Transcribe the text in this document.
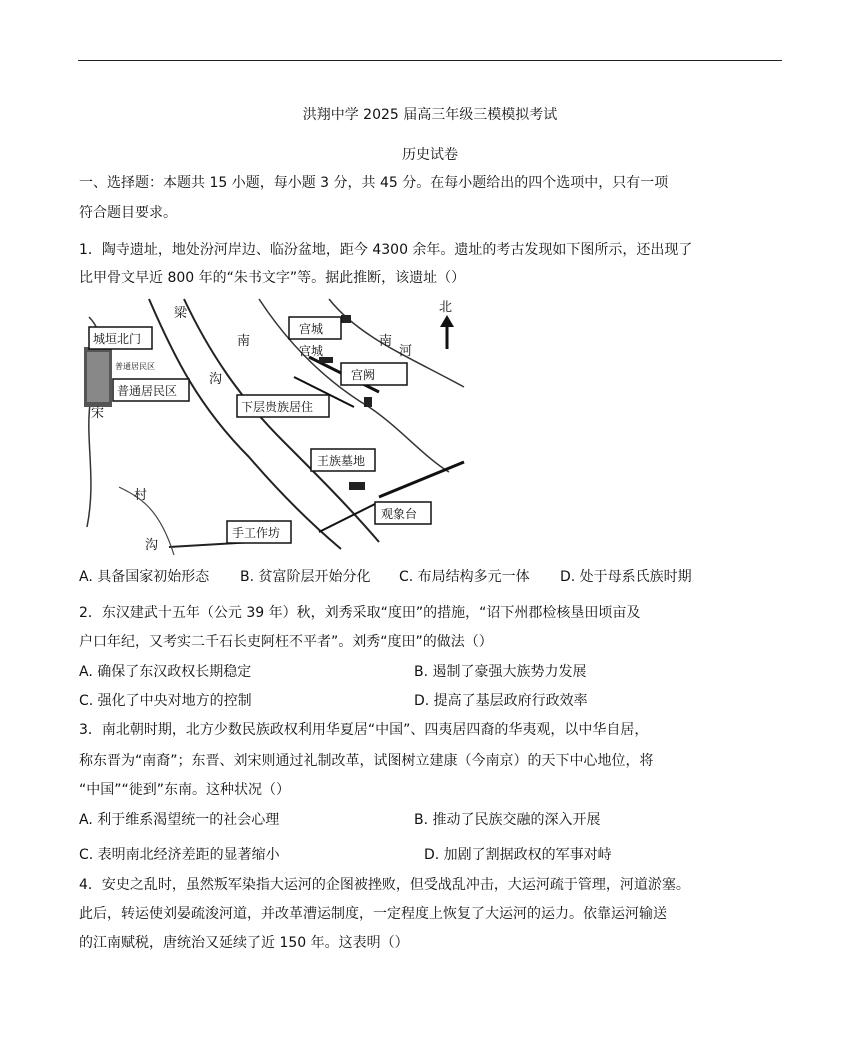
洪翔中学 2025 届高三年级三模模拟考试
历史试卷
一、选择题：本题共 15 小题，每小题 3 分，共 45 分。在每小题给出的四个选项中，只有一项
符合题目要求。
1．陶寺遗址，地处汾河岸边、临汾盆地，距今 4300 余年。遗址的考古发现如下图所示，还出现了
比甲骨文早近 800 年的“朱书文字”等。据此推断，该遗址（）
北
梁
南
沟
宋
村
沟
南
河
宫城
普通居民区
城垣北门
普通居民区
宫城
宫阙
下层贵族居住
王族墓地
观象台
手工作坊
A. 具备国家初始形态 B. 贫富阶层开始分化 C. 布局结构多元一体 D. 处于母系氏族时期
2．东汉建武十五年（公元 39 年）秋，刘秀采取“度田”的措施，“诏下州郡检核垦田顷亩及
户口年纪，又考实二千石长吏阿枉不平者”。刘秀“度田”的做法（）
A. 确保了东汉政权长期稳定	B. 遏制了豪强大族势力发展
C. 强化了中央对地方的控制	D. 提高了基层政府行政效率
3．南北朝时期，北方少数民族政权利用华夏居“中国”、四夷居四裔的华夷观，以中华自居，
称东晋为“南裔”；东晋、刘宋则通过礼制改革，试图树立建康（今南京）的天下中心地位，将
“中国”“徙到”东南。这种状况（）
A. 利于维系渴望统一的社会心理	B. 推动了民族交融的深入开展
C. 表明南北经济差距的显著缩小	D. 加剧了割据政权的军事对峙
4．安史之乱时，虽然叛军染指大运河的企图被挫败，但受战乱冲击，大运河疏于管理，河道淤塞。
此后，转运使刘晏疏浚河道，并改革漕运制度，一定程度上恢复了大运河的运力。依靠运河输送
的江南赋税，唐统治又延续了近 150 年。这表明（）
